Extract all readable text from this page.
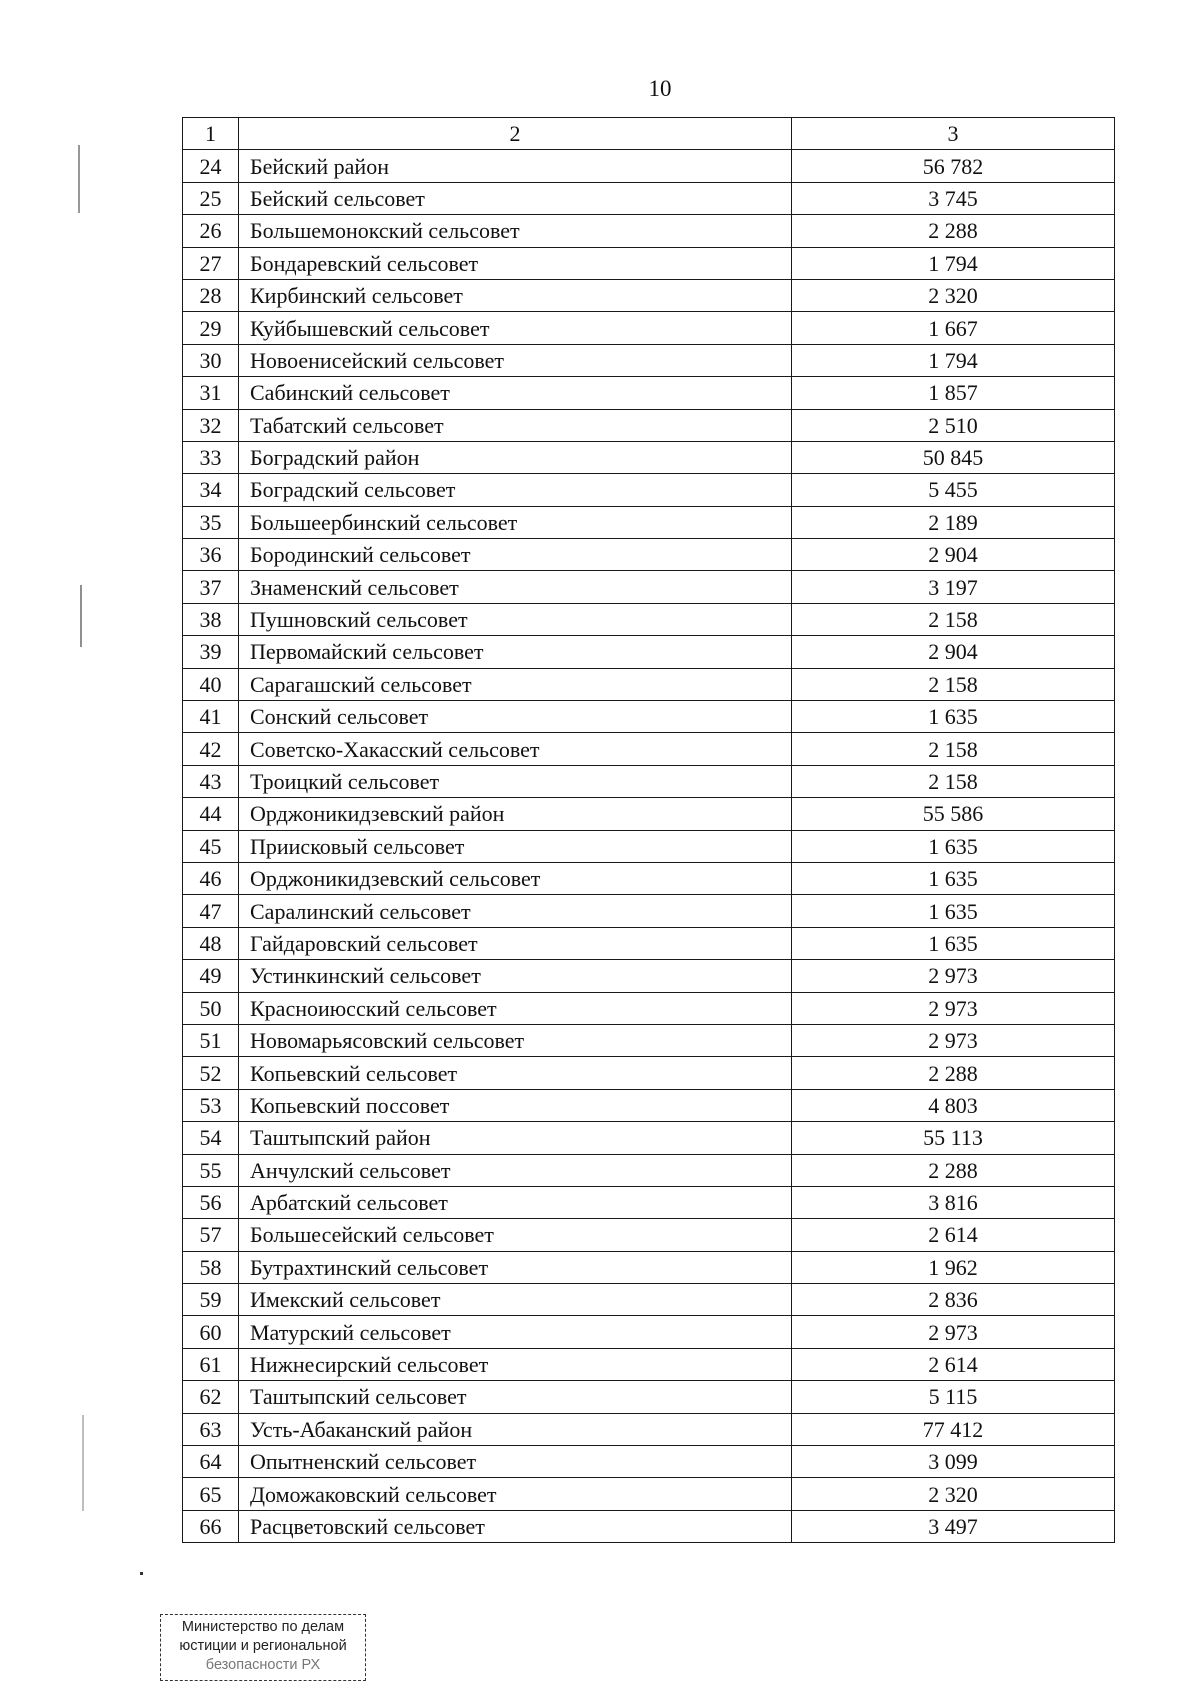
10
1	2	3
24	Бейский район	56 782
25	Бейский сельсовет	3 745
26	Большемонокский сельсовет	2 288
27	Бондаревский сельсовет	1 794
28	Кирбинский сельсовет	2 320
29	Куйбышевский сельсовет	1 667
30	Новоенисейский сельсовет	1 794
31	Сабинский сельсовет	1 857
32	Табатский сельсовет	2 510
33	Боградский район	50 845
34	Боградский сельсовет	5 455
35	Большеербинский сельсовет	2 189
36	Бородинский сельсовет	2 904
37	Знаменский сельсовет	3 197
38	Пушновский сельсовет	2 158
39	Первомайский сельсовет	2 904
40	Сарагашский сельсовет	2 158
41	Сонский сельсовет	1 635
42	Советско-Хакасский сельсовет	2 158
43	Троицкий сельсовет	2 158
44	Орджоникидзевский район	55 586
45	Приисковый сельсовет	1 635
46	Орджоникидзевский сельсовет	1 635
47	Саралинский сельсовет	1 635
48	Гайдаровский сельсовет	1 635
49	Устинкинский сельсовет	2 973
50	Красноиюсский сельсовет	2 973
51	Новомарьясовский сельсовет	2 973
52	Копьевский сельсовет	2 288
53	Копьевский поссовет	4 803
54	Таштыпский район	55 113
55	Анчулский сельсовет	2 288
56	Арбатский сельсовет	3 816
57	Большесейский сельсовет	2 614
58	Бутрахтинский сельсовет	1 962
59	Имекский сельсовет	2 836
60	Матурский сельсовет	2 973
61	Нижнесирский сельсовет	2 614
62	Таштыпский сельсовет	5 115
63	Усть-Абаканский район	77 412
64	Опытненский сельсовет	3 099
65	Доможаковский сельсовет	2 320
66	Расцветовский сельсовет	3 497
Министерство по делам
юстиции и региональной
безопасности РХ
